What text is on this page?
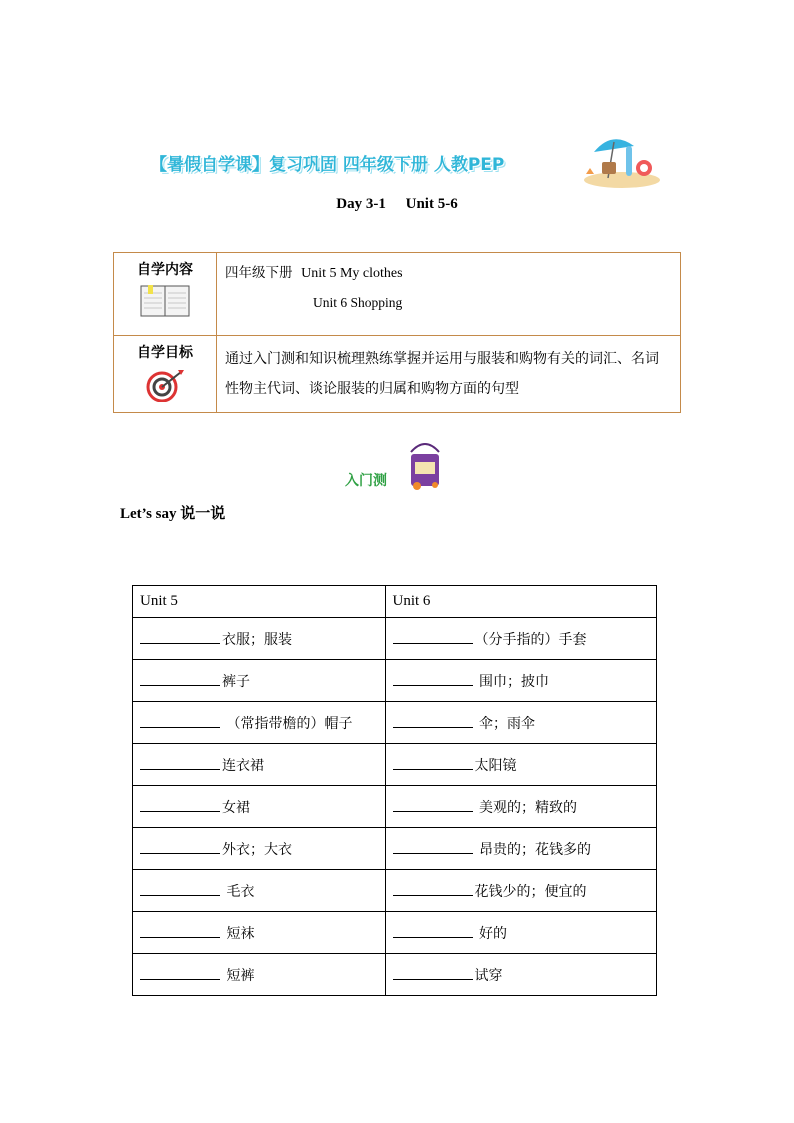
【暑假自学课】复习巩固 四年级下册 人教PEP
Day 3-1 Unit 5-6
自学内容	四年级下册 Unit 5 My clothes
Unit 6 Shopping

自学目标	通过入门测和知识梳理熟练掌握并运用与服装和购物有关的词汇、名词性物主代词、谈论服装的归属和购物方面的句型
入门测
Let’s say 说一说
Unit 5	Unit 6
衣服；服装	（分手指的）手套
裤子	围巾；披巾
（常指带檐的）帽子	伞；雨伞
连衣裙	太阳镜
女裙	美观的；精致的
外衣；大衣	昂贵的；花钱多的
毛衣	花钱少的；便宜的
短袜	好的
短裤	试穿
